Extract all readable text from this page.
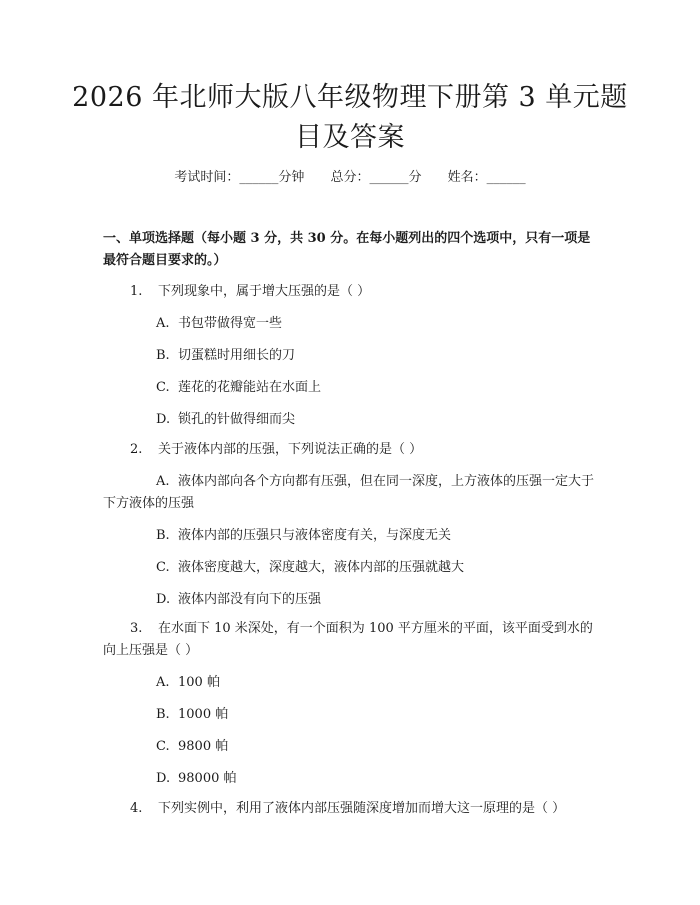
2026 年北师大版八年级物理下册第 3 单元题目及答案
考试时间：______分钟 总分：______分 姓名：______
一、单项选择题（每小题 3 分，共 30 分。在每小题列出的四个选项中，只有一项是最符合题目要求的。）
1. 下列现象中，属于增大压强的是（ ）
A. 书包带做得宽一些
B. 切蛋糕时用细长的刀
C. 莲花的花瓣能站在水面上
D. 锁孔的针做得细而尖
2. 关于液体内部的压强，下列说法正确的是（ ）
A. 液体内部向各个方向都有压强，但在同一深度，上方液体的压强一定大于下方液体的压强
B. 液体内部的压强只与液体密度有关，与深度无关
C. 液体密度越大，深度越大，液体内部的压强就越大
D. 液体内部没有向下的压强
3. 在水面下 10 米深处，有一个面积为 100 平方厘米的平面，该平面受到水的向上压强是（ ）
A. 100 帕
B. 1000 帕
C. 9800 帕
D. 98000 帕
4. 下列实例中，利用了液体内部压强随深度增加而增大这一原理的是（ ）
